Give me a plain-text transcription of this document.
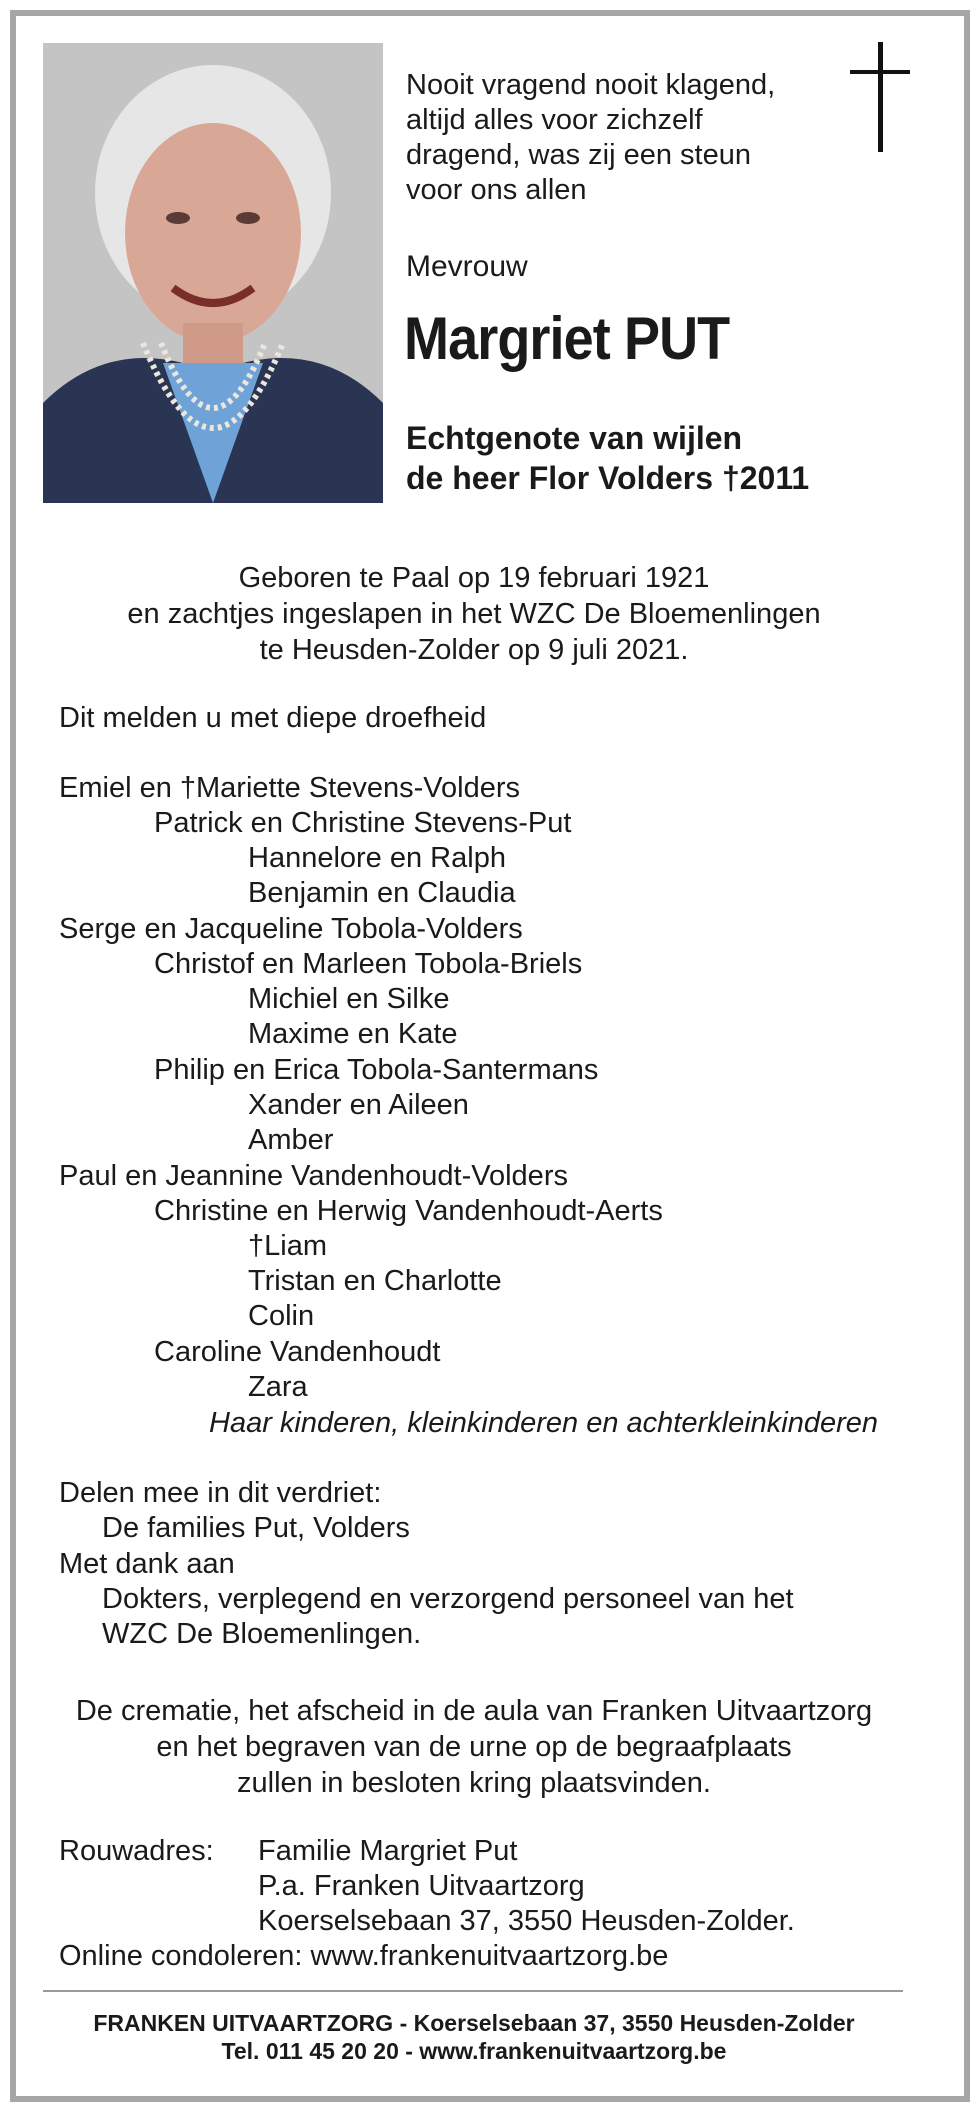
Nooit vragend nooit klagend,
altijd alles voor zichzelf
dragend, was zij een steun
voor ons allen
Mevrouw
Margriet PUT
Echtgenote van wijlen
de heer Flor Volders †2011
Geboren te Paal op 19 februari 1921
en zachtjes ingeslapen in het WZC De Bloemenlingen
te Heusden-Zolder op 9 juli 2021.
Dit melden u met diepe droefheid
Emiel en †Mariette Stevens-Volders
Patrick en Christine Stevens-Put
Hannelore en Ralph
Benjamin en Claudia
Serge en Jacqueline Tobola-Volders
Christof en Marleen Tobola-Briels
Michiel en Silke
Maxime en Kate
Philip en Erica Tobola-Santermans
Xander en Aileen
Amber
Paul en Jeannine Vandenhoudt-Volders
Christine en Herwig Vandenhoudt-Aerts
†Liam
Tristan en Charlotte
Colin
Caroline Vandenhoudt
Zara
Haar kinderen, kleinkinderen en achterkleinkinderen
Delen mee in dit verdriet:
De families Put, Volders
Met dank aan
Dokters, verplegend en verzorgend personeel van het
WZC De Bloemenlingen.
De crematie, het afscheid in de aula van Franken Uitvaartzorg
en het begraven van de urne op de begraafplaats
zullen in besloten kring plaatsvinden.
Rouwadres: Familie Margriet Put
P.a. Franken Uitvaartzorg
Koerselsebaan 37, 3550 Heusden-Zolder.
Online condoleren: www.frankenuitvaartzorg.be
FRANKEN UITVAARTZORG - Koerselsebaan 37, 3550 Heusden-Zolder
Tel. 011 45 20 20 - www.frankenuitvaartzorg.be
